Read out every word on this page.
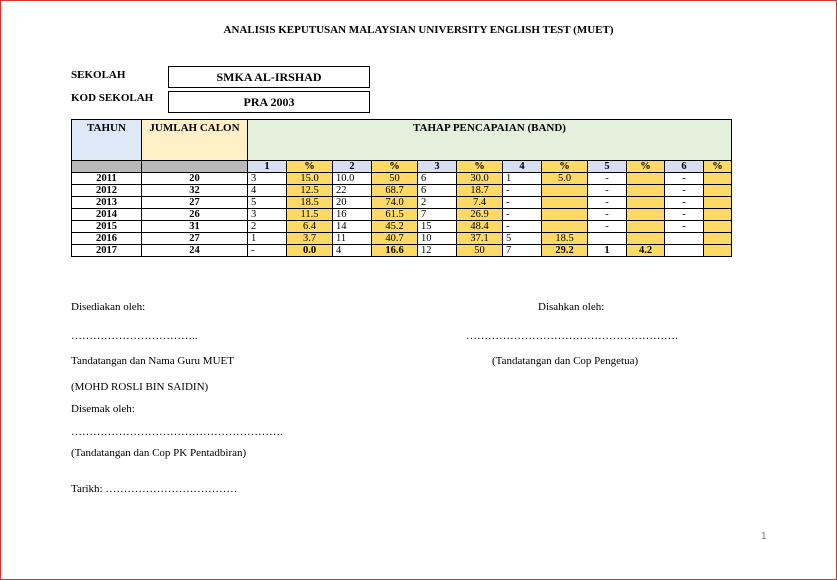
ANALISIS KEPUTUSAN MALAYSIAN UNIVERSITY ENGLISH TEST (MUET)
SEKOLAH	SMKA AL-IRSHAD
KOD SEKOLAH	PRA 2003
TAHUN	JUMLAH CALON	TAHAP PENCAPAIAN (BAND)											
		1	%	2	%	3	%	4	%	5	%	6	%
2011	20	3	15.0	10.0	50	6	30.0	1	5.0	-		-	
2012	32	4	12.5	22	68.7	6	18.7	-		-		-	
2013	27	5	18.5	20	74.0	2	7.4	-		-		-	
2014	26	3	11.5	16	61.5	7	26.9	-		-		-	
2015	31	2	6.4	14	45.2	15	48.4	-		-		-	
2016	27	1	3.7	11	40.7	10	37.1	5	18.5				
2017	24	-	0.0	4	16.6	12	50	7	29.2	1	4.2		
Disediakan oleh:	Disahkan oleh:
……………………………..	………………………………………………….
Tandatangan dan Nama Guru MUET	(Tandatangan dan Cop Pengetua)
(MOHD ROSLI BIN SAIDIN)
Disemak oleh:
………………………………………………….
(Tandatangan dan Cop PK Pentadbiran)
Tarikh: ………………………………
1
